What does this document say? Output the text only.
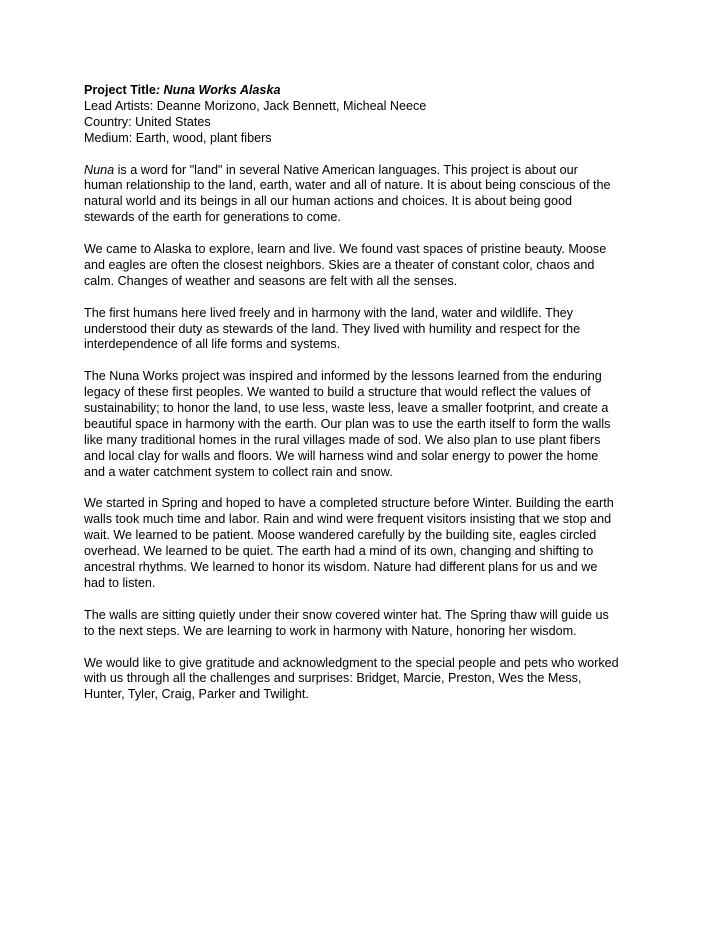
Project Title: Nuna Works Alaska
Lead Artists: Deanne Morizono, Jack Bennett, Micheal Neece
Country: United States
Medium: Earth, wood, plant fibers
Nuna is a word for "land" in several Native American languages. This project is about our
human relationship to the land, earth, water and all of nature. It is about being conscious of the
natural world and its beings in all our human actions and choices. It is about being good
stewards of the earth for generations to come.
We came to Alaska to explore, learn and live. We found vast spaces of pristine beauty. Moose
and eagles are often the closest neighbors. Skies are a theater of constant color, chaos and
calm. Changes of weather and seasons are felt with all the senses.
The first humans here lived freely and in harmony with the land, water and wildlife. They
understood their duty as stewards of the land. They lived with humility and respect for the
interdependence of all life forms and systems.
The Nuna Works project was inspired and informed by the lessons learned from the enduring
legacy of these first peoples. We wanted to build a structure that would reflect the values of
sustainability; to honor the land, to use less, waste less, leave a smaller footprint, and create a
beautiful space in harmony with the earth. Our plan was to use the earth itself to form the walls
like many traditional homes in the rural villages made of sod. We also plan to use plant fibers
and local clay for walls and floors. We will harness wind and solar energy to power the home
and a water catchment system to collect rain and snow.
We started in Spring and hoped to have a completed structure before Winter. Building the earth
walls took much time and labor. Rain and wind were frequent visitors insisting that we stop and
wait. We learned to be patient. Moose wandered carefully by the building site, eagles circled
overhead. We learned to be quiet. The earth had a mind of its own, changing and shifting to
ancestral rhythms. We learned to honor its wisdom. Nature had different plans for us and we
had to listen.
The walls are sitting quietly under their snow covered winter hat. The Spring thaw will guide us
to the next steps. We are learning to work in harmony with Nature, honoring her wisdom.
We would like to give gratitude and acknowledgment to the special people and pets who worked
with us through all the challenges and surprises: Bridget, Marcie, Preston, Wes the Mess,
Hunter, Tyler, Craig, Parker and Twilight.
